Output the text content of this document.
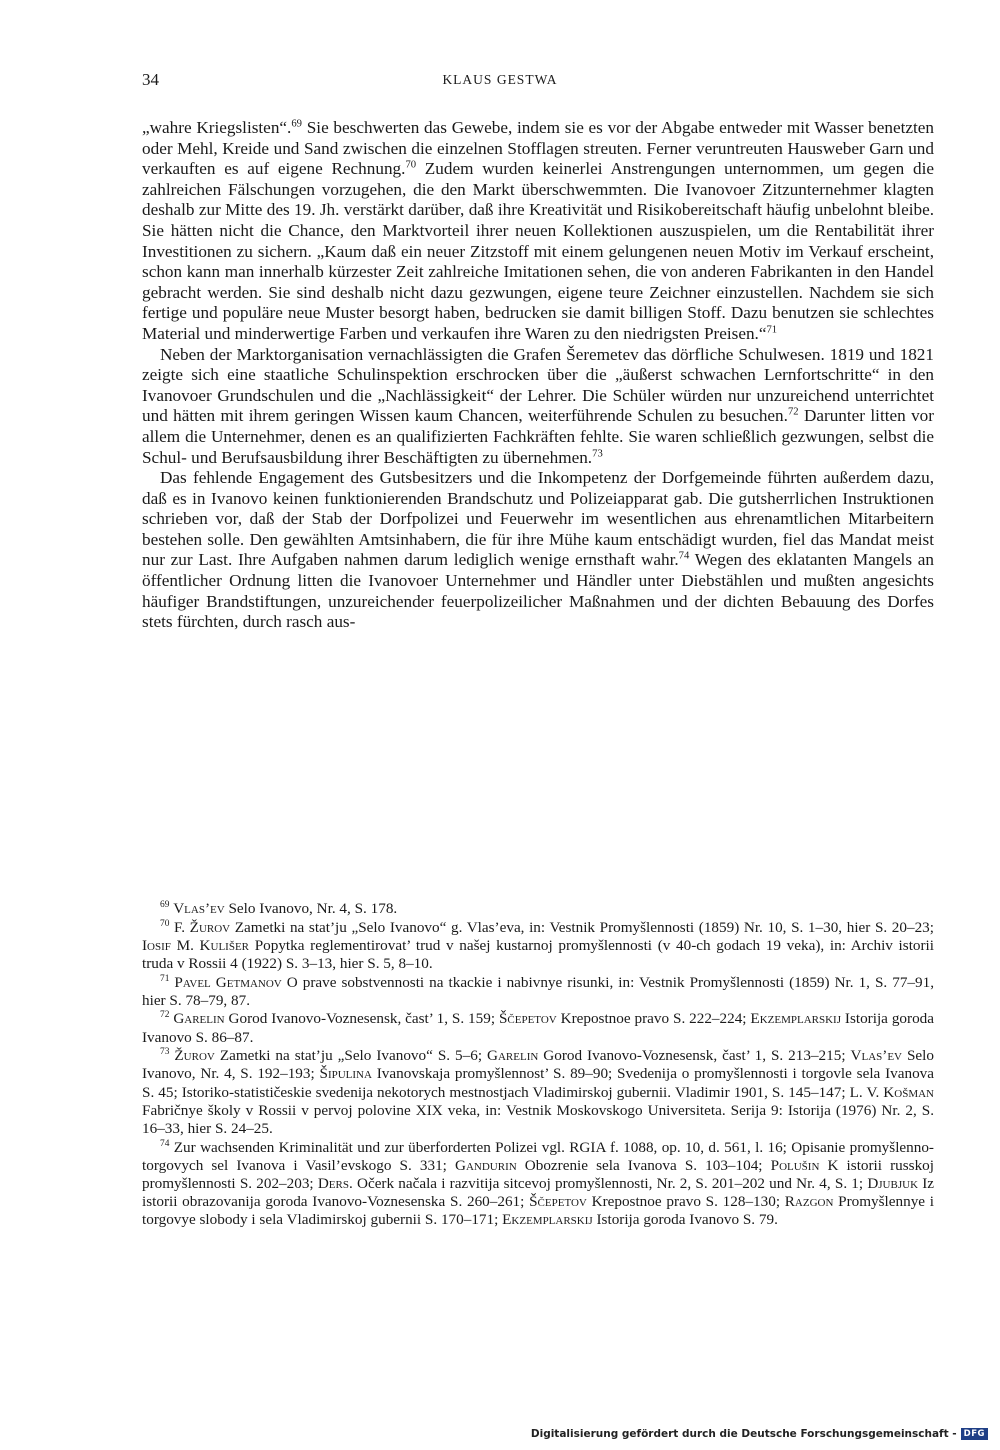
34	KLAUS GESTWA

„wahre Kriegslisten“.$^{69}$ Sie beschwerten das Gewebe, indem sie es vor der Abgabe entweder mit Wasser benetzten oder Mehl, Kreide und Sand zwischen die einzelnen Stofflagen streuten. Ferner veruntreuten Hausweber Garn und verkauften es auf eigene Rechnung.$^{70}$ Zudem wurden keinerlei Anstrengungen unternommen, um gegen die zahlreichen Fälschungen vorzugehen, die den Markt überschwemmten. Die Ivanovoer Zitzunternehmer klagten deshalb zur Mitte des 19. Jh. verstärkt darüber, daß ihre Kreativität und Risikobereitschaft häufig unbelohnt bleibe. Sie hätten nicht die Chance, den Marktvorteil ihrer neuen Kollektionen auszuspielen, um die Rentabilität ihrer Investitionen zu sichern. „Kaum daß ein neuer Zitzstoff mit einem gelungenen neuen Motiv im Verkauf erscheint, schon kann man innerhalb kürzester Zeit zahlreiche Imitationen sehen, die von anderen Fabrikanten in den Handel gebracht werden. Sie sind deshalb nicht dazu gezwungen, eigene teure Zeichner einzustellen. Nachdem sie sich fertige und populäre neue Muster besorgt haben, bedrucken sie damit billigen Stoff. Dazu benutzen sie schlechtes Material und minderwertige Farben und verkaufen ihre Waren zu den niedrigsten Preisen.“$^{71}$

Neben der Marktorganisation vernachlässigten die Grafen Šeremetev das dörfliche Schulwesen. 1819 und 1821 zeigte sich eine staatliche Schulinspektion erschrocken über die „äußerst schwachen Lernfortschritte“ in den Ivanovoer Grundschulen und die „Nachlässigkeit“ der Lehrer. Die Schüler würden nur unzureichend unterrichtet und hätten mit ihrem geringen Wissen kaum Chancen, weiterführende Schulen zu besuchen.$^{72}$ Darunter litten vor allem die Unternehmer, denen es an qualifizierten Fachkräften fehlte. Sie waren schließlich gezwungen, selbst die Schul- und Berufsausbildung ihrer Beschäftigten zu übernehmen.$^{73}$

Das fehlende Engagement des Gutsbesitzers und die Inkompetenz der Dorfgemeinde führten außerdem dazu, daß es in Ivanovo keinen funktionierenden Brandschutz und Polizeiapparat gab. Die gutsherrlichen Instruktionen schrieben vor, daß der Stab der Dorfpolizei und Feuerwehr im wesentlichen aus ehrenamtlichen Mitarbeitern bestehen solle. Den gewählten Amtsinhabern, die für ihre Mühe kaum entschädigt wurden, fiel das Mandat meist nur zur Last. Ihre Aufgaben nahmen darum lediglich wenige ernsthaft wahr.$^{74}$ Wegen des eklatanten Mangels an öffentlicher Ordnung litten die Ivanovoer Unternehmer und Händler unter Diebstählen und mußten angesichts häufiger Brandstiftungen, unzureichender feuerpolizeilicher Maßnahmen und der dichten Bebauung des Dorfes stets fürchten, durch rasch aus-

$^{69}$ Vlas’ev Selo Ivanovo, Nr. 4, S. 178.

$^{70}$ F. Žurov Zametki na stat’ju „Selo Ivanovo“ g. Vlas’eva, in: Vestnik Promyšlennosti (1859) Nr. 10, S. 1–30, hier S. 20–23; Iosif M. Kulišer Popytka reglementirovat’ trud v našej kustarnoj promyšlennosti (v 40-ch godach 19 veka), in: Archiv istorii truda v Rossii 4 (1922) S. 3–13, hier S. 5, 8–10.

$^{71}$ Pavel Getmanov O prave sobstvennosti na tkackie i nabivnye risunki, in: Vestnik Promyšlennosti (1859) Nr. 1, S. 77–91, hier S. 78–79, 87.

$^{72}$ Garelin Gorod Ivanovo-Voznesensk, čast’ 1, S. 159; Ščepetov Krepostnoe pravo S. 222–224; Ekzemplarskij Istorija goroda Ivanovo S. 86–87.

$^{73}$ Žurov Zametki na stat’ju „Selo Ivanovo“ S. 5–6; Garelin Gorod Ivanovo-Voznesensk, čast’ 1, S. 213–215; Vlas’ev Selo Ivanovo, Nr. 4, S. 192–193; Šipulina Ivanovskaja promyšlennost’ S. 89–90; Svedenija o promyšlennosti i torgovle sela Ivanova S. 45; Istoriko-statističeskie svedenija nekotorych mestnostjach Vladimirskoj gubernii. Vladimir 1901, S. 145–147; L. V. Košman Fabričnye školy v Rossii v pervoj polovine XIX veka, in: Vestnik Moskovskogo Universiteta. Serija 9: Istorija (1976) Nr. 2, S. 16–33, hier S. 24–25.

$^{74}$ Zur wachsenden Kriminalität und zur überforderten Polizei vgl. RGIA f. 1088, op. 10, d. 561, l. 16; Opisanie promyšlenno-torgovych sel Ivanova i Vasil’evskogo S. 331; Gandurin Obozrenie sela Ivanova S. 103–104; Polušin K istorii russkoj promyšlennosti S. 202–203; Ders. Očerk načala i razvitija sitcevoj promyšlennosti, Nr. 2, S. 201–202 und Nr. 4, S. 1; Djubjuk Iz istorii obrazovanija goroda Ivanovo-Voznesenska S. 260–261; Ščepetov Krepostnoe pravo S. 128–130; Razgon Promyšlennye i torgovye slobody i sela Vladimirskoj gubernii S. 170–171; Ekzemplarskij Istorija goroda Ivanovo S. 79.

Digitalisierung gefördert durch die Deutsche Forschungsgemeinschaft - DFG
